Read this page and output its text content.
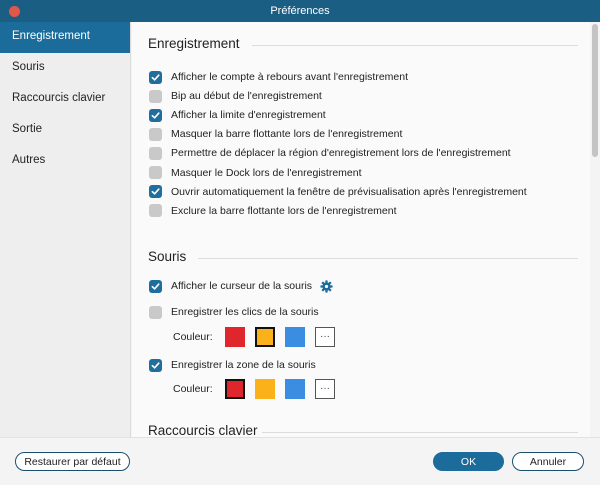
Préférences
Enregistrement
Souris
Raccourcis clavier
Sortie
Autres
Enregistrement
Afficher le compte à rebours avant l'enregistrement
Bip au début de l'enregistrement
Afficher la limite d'enregistrement
Masquer la barre flottante lors de l'enregistrement
Permettre de déplacer la région d'enregistrement lors de l'enregistrement
Masquer le Dock lors de l'enregistrement
Ouvrir automatiquement la fenêtre de prévisualisation après l'enregistrement
Exclure la barre flottante lors de l'enregistrement
Souris
Afficher le curseur de la souris
Enregistrer les clics de la souris
Couleur:	···
Enregistrer la zone de la souris
Couleur:	···
Raccourcis clavier
Restaurer par défaut	OK	Annuler
